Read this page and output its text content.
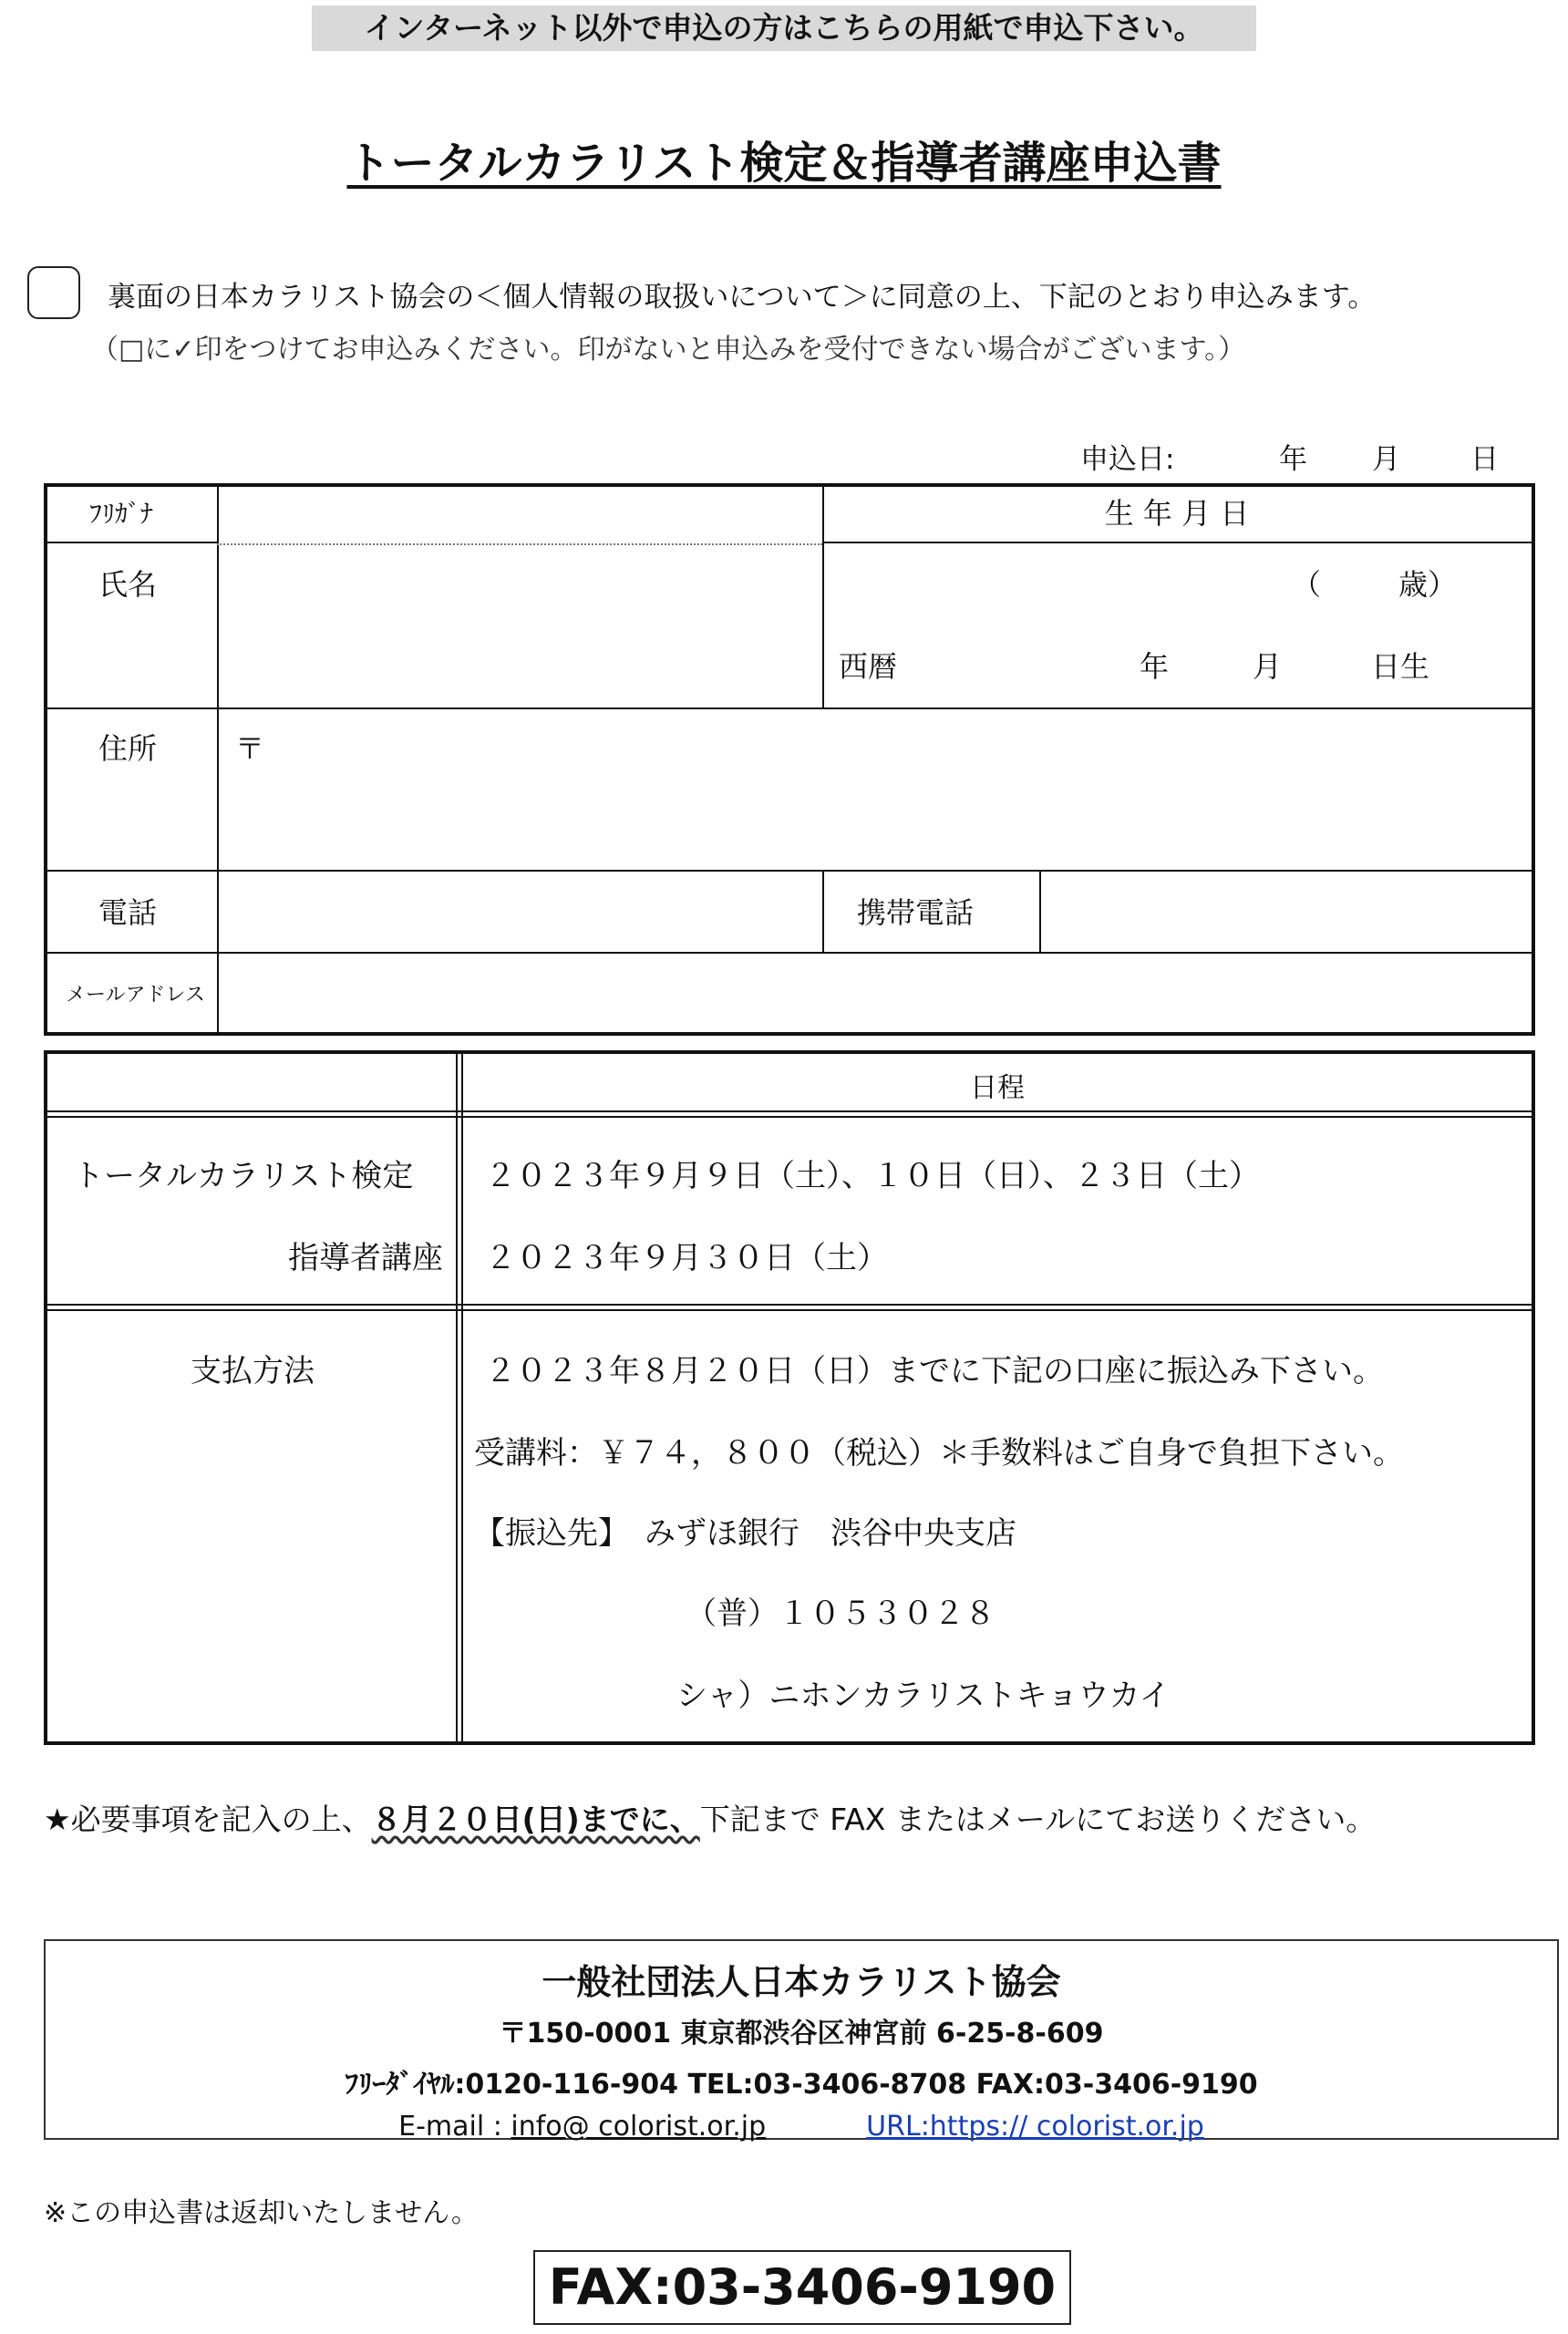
インターネット以外で申込の方はこちらの用紙で申込下さい。
トータルカラリスト検定＆指導者講座申込書
裏面の日本カラリスト協会の＜個人情報の取扱いについて＞に同意の上、下記のとおり申込みます。
（□に✓印をつけてお申込みください。印がないと申込みを受付できない場合がございます。）
申込日:	年 月 日
ﾌﾘｶﾞﾅ	生 年 月 日
氏名	（	歳）
西暦	年	月	日生
住所	〒
電話	携帯電話
メールアドレス
日程
トータルカラリスト検定 ２０２３年９月９日（土）、１０日（日）、２３日（土）
指導者講座 ２０２３年９月３０日（土）
支払方法	２０２３年８月２０日（日）までに下記の口座に振込み下さい。
受講料：￥７４，８００（税込）＊手数料はご自身で負担下さい。
【振込先】　みずほ銀行　渋谷中央支店
（普）１０５３０２８
シャ）ニホンカラリストキョウカイ
★必要事項を記入の上、８月２０日(日)までに、下記まで FAX またはメールにてお送りください。
一般社団法人日本カラリスト協会
〒150-0001 東京都渋谷区神宮前 6-25-8-609
ﾌﾘｰﾀﾞｲﾔﾙ:0120-116-904 TEL:03-3406-8708 FAX:03-3406-9190
E-mail : info@ colorist.or.jp	URL:https:// colorist.or.jp
※この申込書は返却いたしません。
FAX:03-3406-9190
